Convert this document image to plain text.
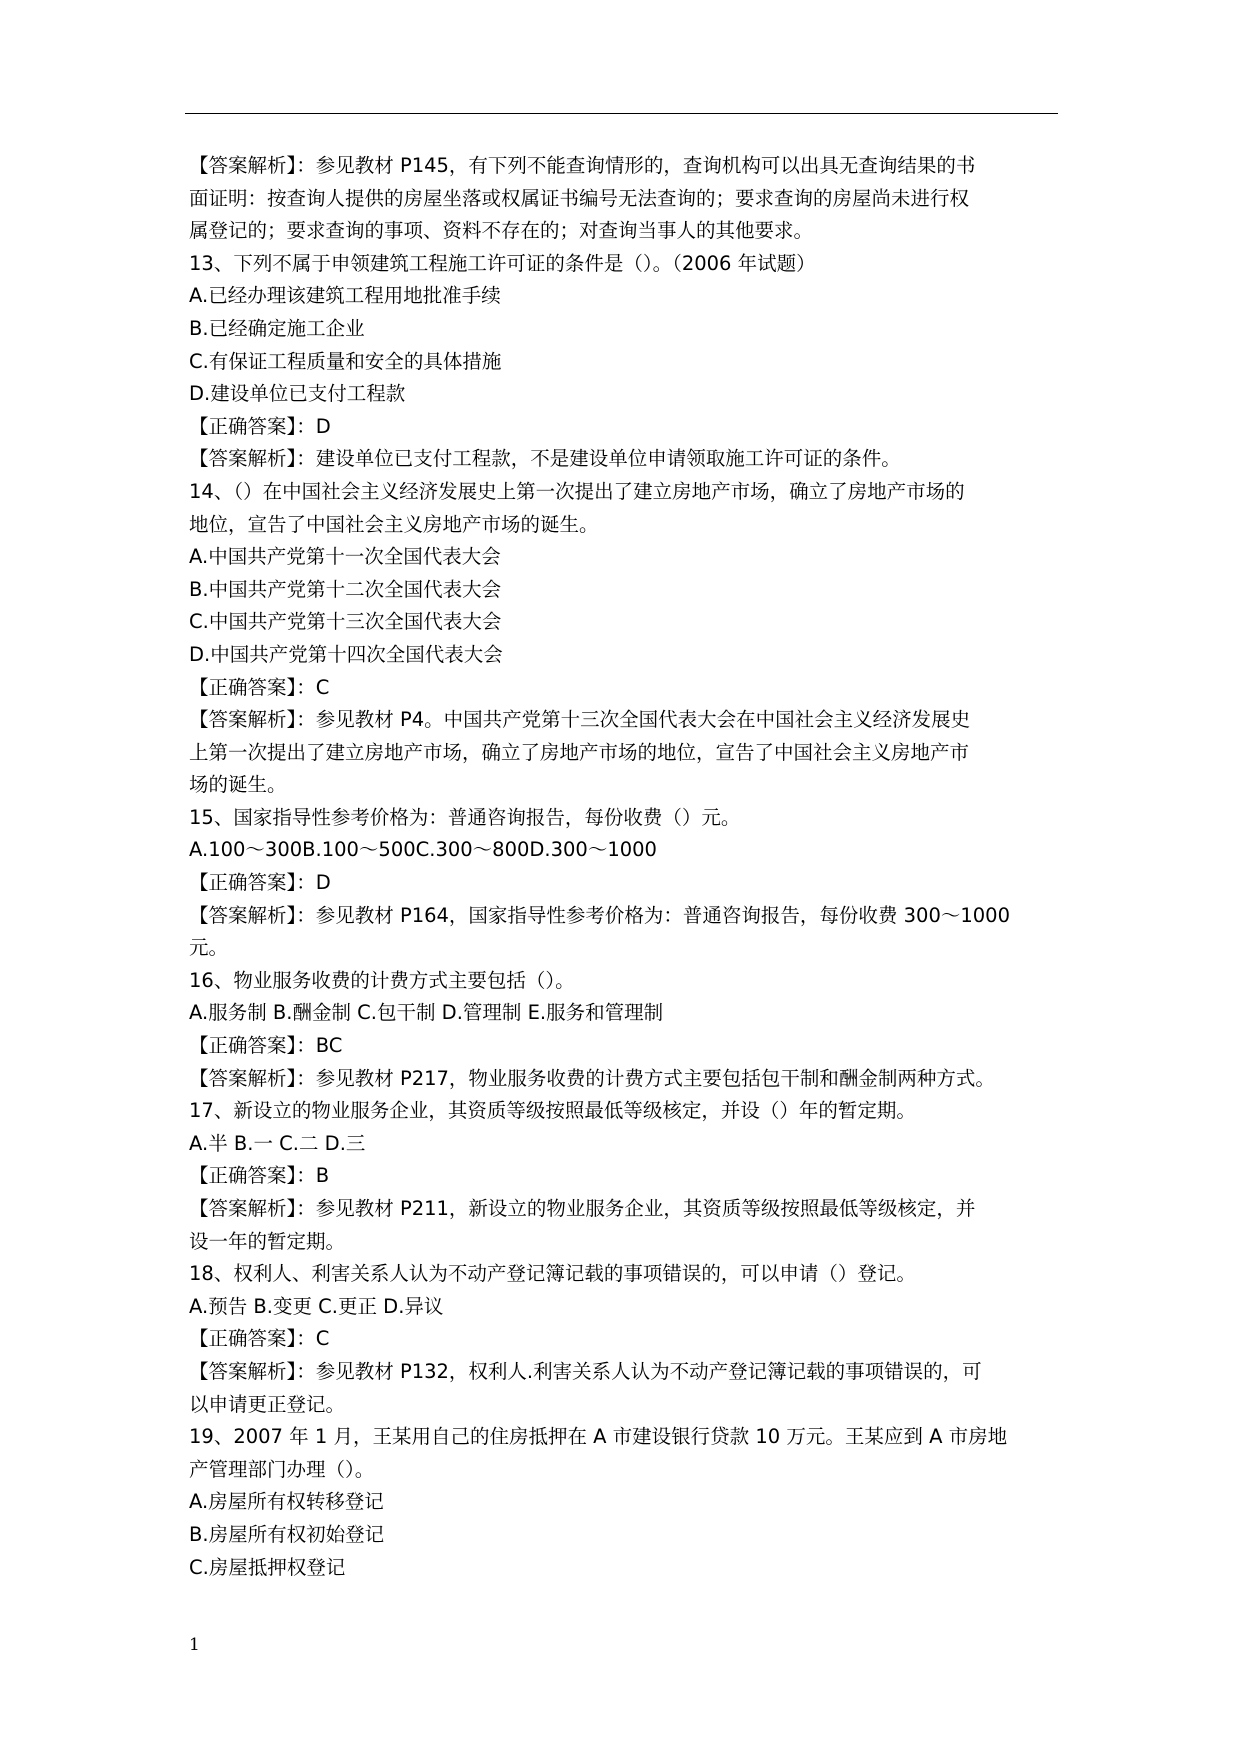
【答案解析】：参见教材 P145，有下列不能查询情形的，查询机构可以出具无查询结果的书
面证明：按查询人提供的房屋坐落或权属证书编号无法查询的；要求查询的房屋尚未进行权
属登记的；要求查询的事项、资料不存在的；对查询当事人的其他要求。
13、下列不属于申领建筑工程施工许可证的条件是（）。（2006 年试题）
A.已经办理该建筑工程用地批准手续
B.已经确定施工企业
C.有保证工程质量和安全的具体措施
D.建设单位已支付工程款
【正确答案】：D
【答案解析】：建设单位已支付工程款，不是建设单位申请领取施工许可证的条件。
14、（）在中国社会主义经济发展史上第一次提出了建立房地产市场，确立了房地产市场的
地位，宣告了中国社会主义房地产市场的诞生。
A.中国共产党第十一次全国代表大会
B.中国共产党第十二次全国代表大会
C.中国共产党第十三次全国代表大会
D.中国共产党第十四次全国代表大会
【正确答案】：C
【答案解析】：参见教材 P4。中国共产党第十三次全国代表大会在中国社会主义经济发展史
上第一次提出了建立房地产市场，确立了房地产市场的地位，宣告了中国社会主义房地产市
场的诞生。
15、国家指导性参考价格为：普通咨询报告，每份收费（）元。
A.100～300B.100～500C.300～800D.300～1000
【正确答案】：D
【答案解析】：参见教材 P164，国家指导性参考价格为：普通咨询报告，每份收费 300～1000
元。
16、物业服务收费的计费方式主要包括（）。
A.服务制 B.酬金制 C.包干制 D.管理制 E.服务和管理制
【正确答案】：BC
【答案解析】：参见教材 P217，物业服务收费的计费方式主要包括包干制和酬金制两种方式。
17、新设立的物业服务企业，其资质等级按照最低等级核定，并设（）年的暂定期。
A.半 B.一 C.二 D.三
【正确答案】：B
【答案解析】：参见教材 P211，新设立的物业服务企业，其资质等级按照最低等级核定，并
设一年的暂定期。
18、权利人、利害关系人认为不动产登记簿记载的事项错误的，可以申请（）登记。
A.预告 B.变更 C.更正 D.异议
【正确答案】：C
【答案解析】：参见教材 P132，权利人.利害关系人认为不动产登记簿记载的事项错误的，可
以申请更正登记。
19、2007 年 1 月，王某用自己的住房抵押在 A 市建设银行贷款 10 万元。王某应到 A 市房地
产管理部门办理（）。
A.房屋所有权转移登记
B.房屋所有权初始登记
C.房屋抵押权登记
1
